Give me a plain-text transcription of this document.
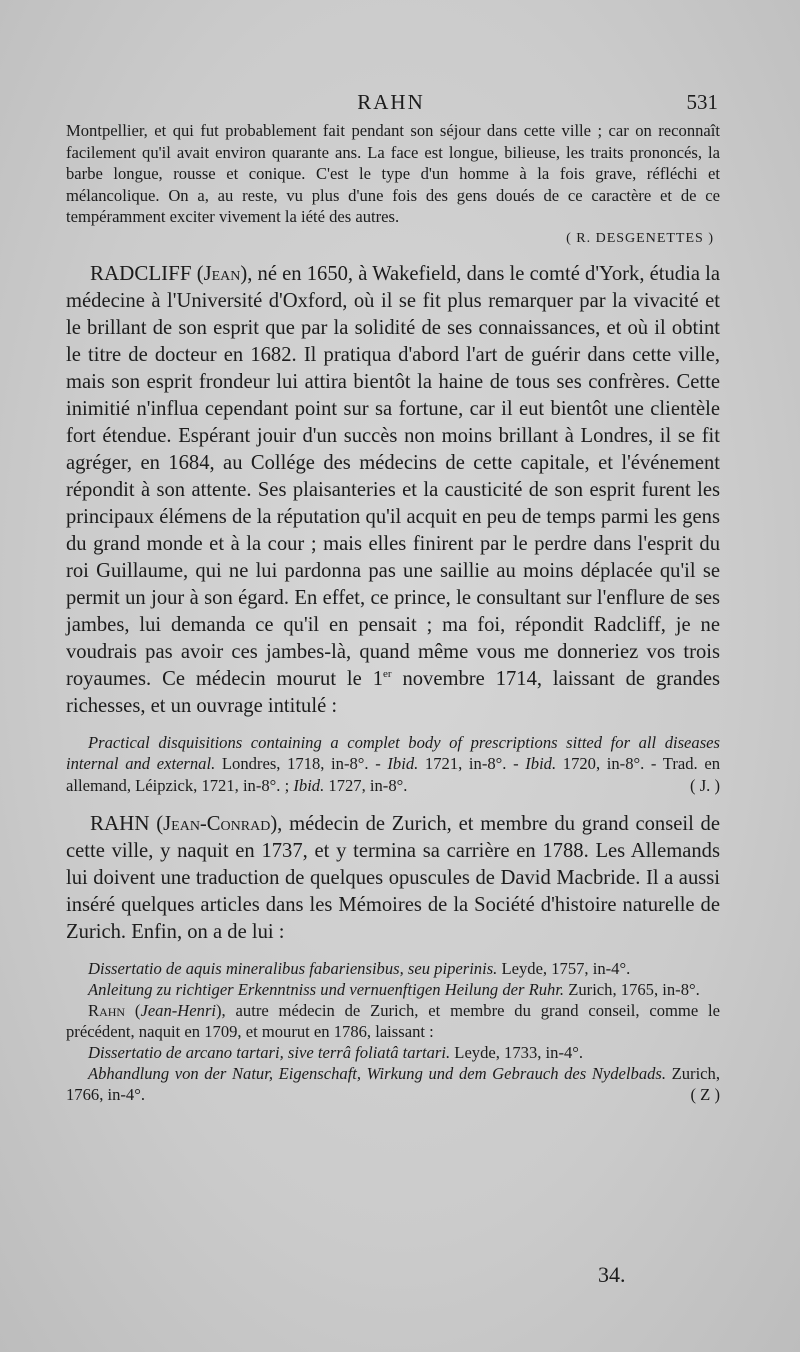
RAHN	531

Montpellier, et qui fut probablement fait pendant son séjour dans cette ville ; car on reconnaît facilement qu'il avait environ quarante ans. La face est longue, bilieuse, les traits prononcés, la barbe longue, rousse et conique. C'est le type d'un homme à la fois grave, réfléchi et mélancolique. On a, au reste, vu plus d'une fois des gens doués de ce caractère et de ce tempéramment exciter vivement la iété des autres.

( R. DESGENETTES )

RADCLIFF (Jean), né en 1650, à Wakefield, dans le comté d'York, étudia la médecine à l'Université d'Oxford, où il se fit plus remarquer par la vivacité et le brillant de son esprit que par la solidité de ses connaissances, et où il obtint le titre de docteur en 1682. Il pratiqua d'abord l'art de guérir dans cette ville, mais son esprit frondeur lui attira bientôt la haine de tous ses confrères. Cette inimitié n'influa cependant point sur sa fortune, car il eut bientôt une clientèle fort étendue. Espérant jouir d'un succès non moins brillant à Londres, il se fit agréger, en 1684, au Collége des médecins de cette capitale, et l'événement répondit à son attente. Ses plaisanteries et la causticité de son esprit furent les principaux élémens de la réputation qu'il acquit en peu de temps parmi les gens du grand monde et à la cour ; mais elles finirent par le perdre dans l'esprit du roi Guillaume, qui ne lui pardonna pas une saillie au moins déplacée qu'il se permit un jour à son égard. En effet, ce prince, le consultant sur l'enflure de ses jambes, lui demanda ce qu'il en pensait ; ma foi, répondit Radcliff, je ne voudrais pas avoir ces jambes-là, quand même vous me donneriez vos trois royaumes. Ce médecin mourut le 1er novembre 1714, laissant de grandes richesses, et un ouvrage intitulé :

Practical disquisitions containing a complet body of prescriptions sitted for all diseases internal and external. Londres, 1718, in-8°. - Ibid. 1721, in-8°. - Ibid. 1720, in-8°. - Trad. en allemand, Léipzick, 1721, in-8°. ; Ibid. 1727, in-8°.	( J. )

RAHN (Jean-Conrad), médecin de Zurich, et membre du grand conseil de cette ville, y naquit en 1737, et y termina sa carrière en 1788. Les Allemands lui doivent une traduction de quelques opuscules de David Macbride. Il a aussi inséré quelques articles dans les Mémoires de la Société d'histoire naturelle de Zurich. Enfin, on a de lui :

Dissertatio de aquis mineralibus fabariensibus, seu piperinis. Leyde, 1757, in-4°.

Anleitung zu richtiger Erkenntniss und vernuenftigen Heilung der Ruhr. Zurich, 1765, in-8°.

Rahn (Jean-Henri), autre médecin de Zurich, et membre du grand conseil, comme le précédent, naquit en 1709, et mourut en 1786, laissant :

Dissertatio de arcano tartari, sive terrâ foliatâ tartari. Leyde, 1733, in-4°.

Abhandlung von der Natur, Eigenschaft, Wirkung und dem Gebrauch des Nydelbads. Zurich, 1766, in-4°.	( Z )

34.
